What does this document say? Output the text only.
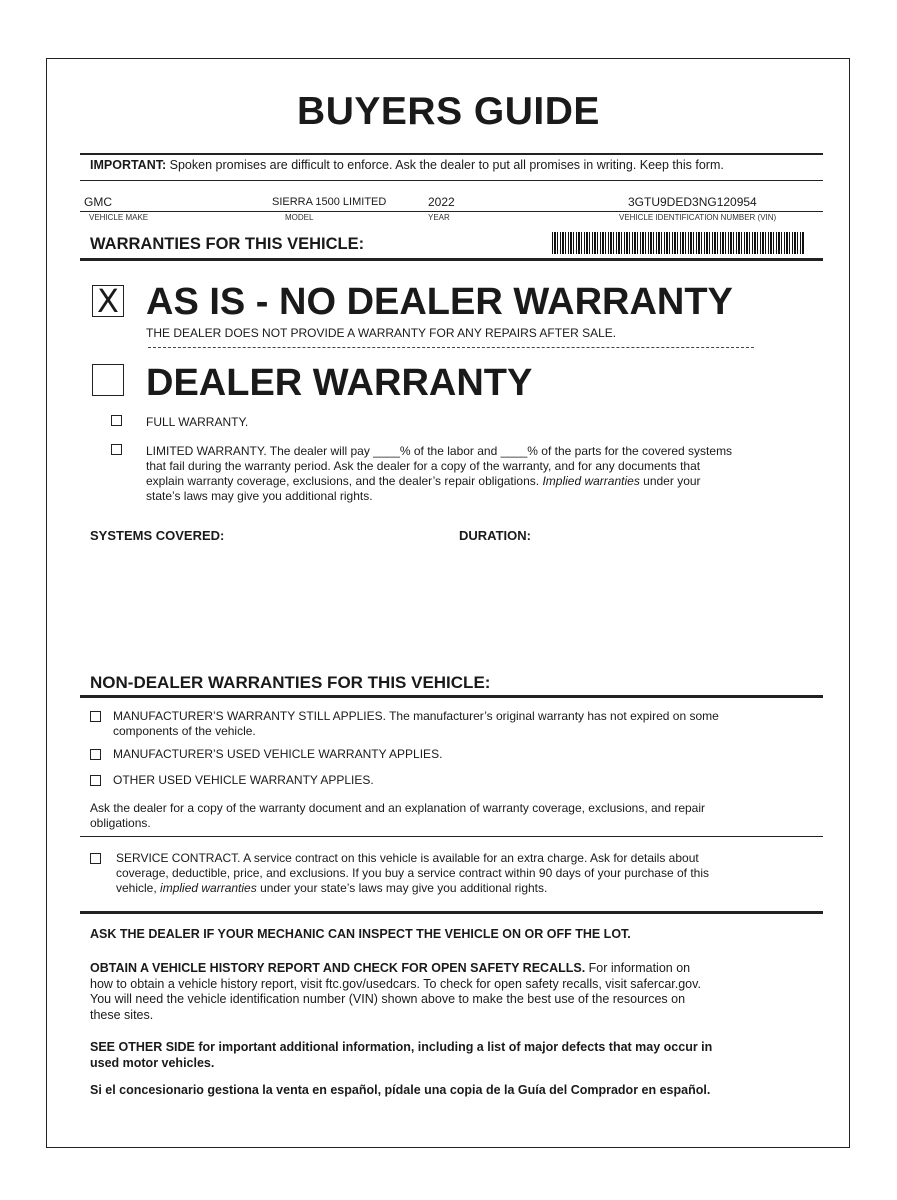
BUYERS GUIDE
IMPORTANT: Spoken promises are difficult to enforce. Ask the dealer to put all promises in writing. Keep this form.
GMC	SIERRA 1500 LIMITED	2022	3GTU9DED3NG120954
VEHICLE MAKE	MODEL	YEAR	VEHICLE IDENTIFICATION NUMBER (VIN)
WARRANTIES FOR THIS VEHICLE:
X AS IS - NO DEALER WARRANTY
THE DEALER DOES NOT PROVIDE A WARRANTY FOR ANY REPAIRS AFTER SALE.
DEALER WARRANTY
FULL WARRANTY.
LIMITED WARRANTY. The dealer will pay ____% of the labor and ____% of the parts for the covered systems
that fail during the warranty period. Ask the dealer for a copy of the warranty, and for any documents that
explain warranty coverage, exclusions, and the dealer’s repair obligations. Implied warranties under your
state’s laws may give you additional rights.
SYSTEMS COVERED:	DURATION:
NON-DEALER WARRANTIES FOR THIS VEHICLE:
MANUFACTURER’S WARRANTY STILL APPLIES. The manufacturer’s original warranty has not expired on some
components of the vehicle.
MANUFACTURER’S USED VEHICLE WARRANTY APPLIES.
OTHER USED VEHICLE WARRANTY APPLIES.
Ask the dealer for a copy of the warranty document and an explanation of warranty coverage, exclusions, and repair
obligations.
SERVICE CONTRACT. A service contract on this vehicle is available for an extra charge. Ask for details about
coverage, deductible, price, and exclusions. If you buy a service contract within 90 days of your purchase of this
vehicle, implied warranties under your state’s laws may give you additional rights.
ASK THE DEALER IF YOUR MECHANIC CAN INSPECT THE VEHICLE ON OR OFF THE LOT.
OBTAIN A VEHICLE HISTORY REPORT AND CHECK FOR OPEN SAFETY RECALLS. For information on
how to obtain a vehicle history report, visit ftc.gov/usedcars. To check for open safety recalls, visit safercar.gov.
You will need the vehicle identification number (VIN) shown above to make the best use of the resources on
these sites.
SEE OTHER SIDE for important additional information, including a list of major defects that may occur in
used motor vehicles.
Si el concesionario gestiona la venta en español, pídale una copia de la Guía del Comprador en español.
